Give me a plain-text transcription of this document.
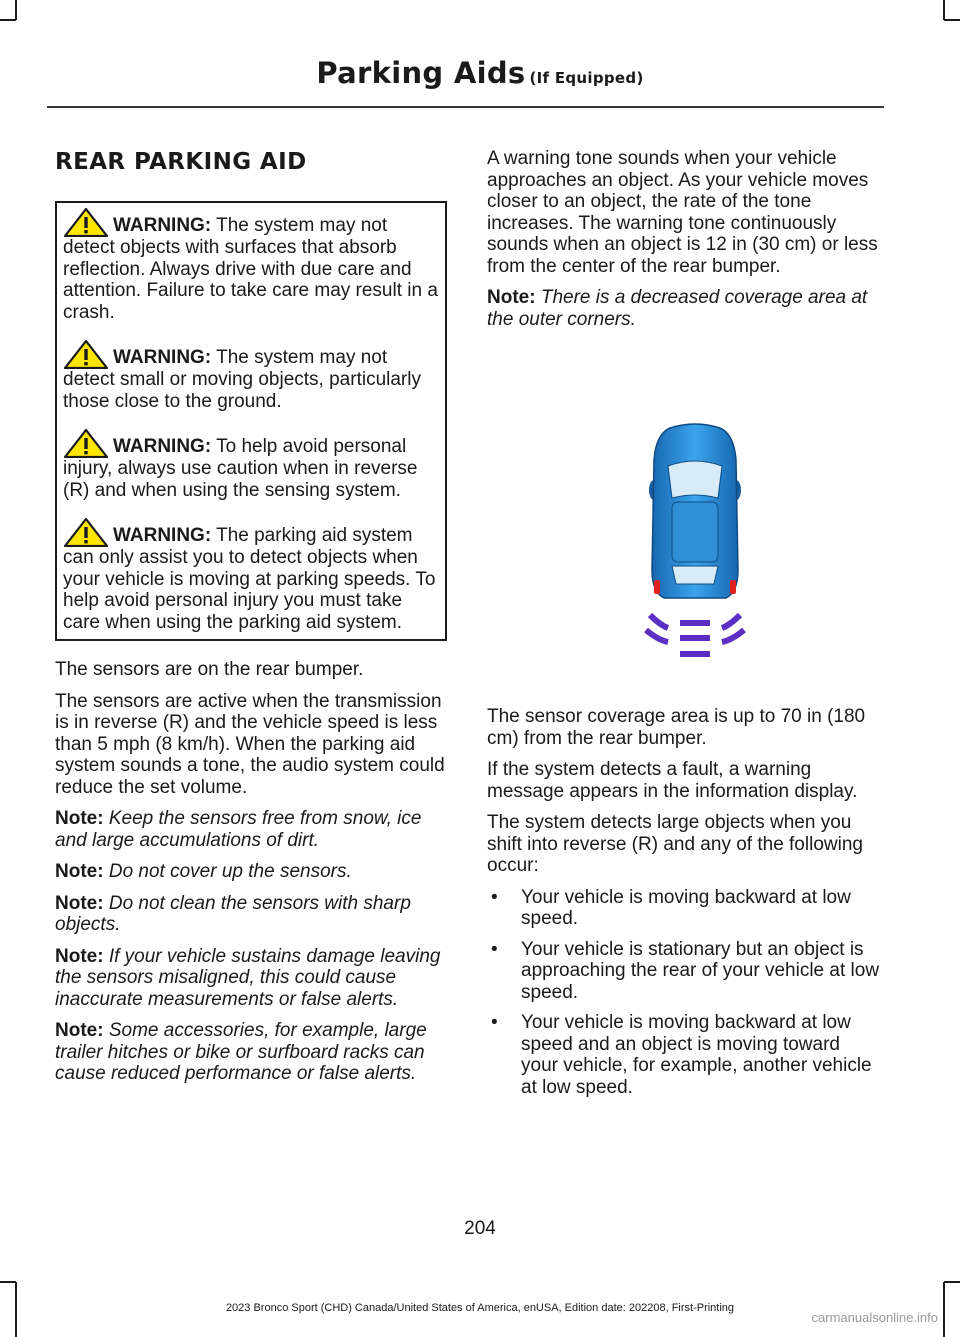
Parking Aids (If Equipped)
REAR PARKING AID

WARNING: The system may not detect objects with surfaces that absorb reflection. Always drive with due care and attention. Failure to take care may result in a crash.

WARNING: The system may not detect small or moving objects, particularly those close to the ground.

WARNING: To help avoid personal injury, always use caution when in reverse (R) and when using the sensing system.

WARNING: The parking aid system can only assist you to detect objects when your vehicle is moving at parking speeds. To help avoid personal injury you must take care when using the parking aid system.

The sensors are on the rear bumper.

The sensors are active when the transmission is in reverse (R) and the vehicle speed is less than 5 mph (8 km/h). When the parking aid system sounds a tone, the audio system could reduce the set volume.

Note: Keep the sensors free from snow, ice and large accumulations of dirt.

Note: Do not cover up the sensors.

Note: Do not clean the sensors with sharp objects.

Note: If your vehicle sustains damage leaving the sensors misaligned, this could cause inaccurate measurements or false alerts.

Note: Some accessories, for example, large trailer hitches or bike or surfboard racks can cause reduced performance or false alerts.

A warning tone sounds when your vehicle approaches an object. As your vehicle moves closer to an object, the rate of the tone increases. The warning tone continuously sounds when an object is 12 in (30 cm) or less from the center of the rear bumper.

Note: There is a decreased coverage area at the outer corners.

The sensor coverage area is up to 70 in (180 cm) from the rear bumper.

If the system detects a fault, a warning message appears in the information display.

The system detects large objects when you shift into reverse (R) and any of the following occur:

• Your vehicle is moving backward at low speed.
• Your vehicle is stationary but an object is approaching the rear of your vehicle at low speed.
• Your vehicle is moving backward at low speed and an object is moving toward your vehicle, for example, another vehicle at low speed.
204
2023 Bronco Sport (CHD) Canada/United States of America, enUSA, Edition date: 202208, First-Printing
carmanualsonline.info
